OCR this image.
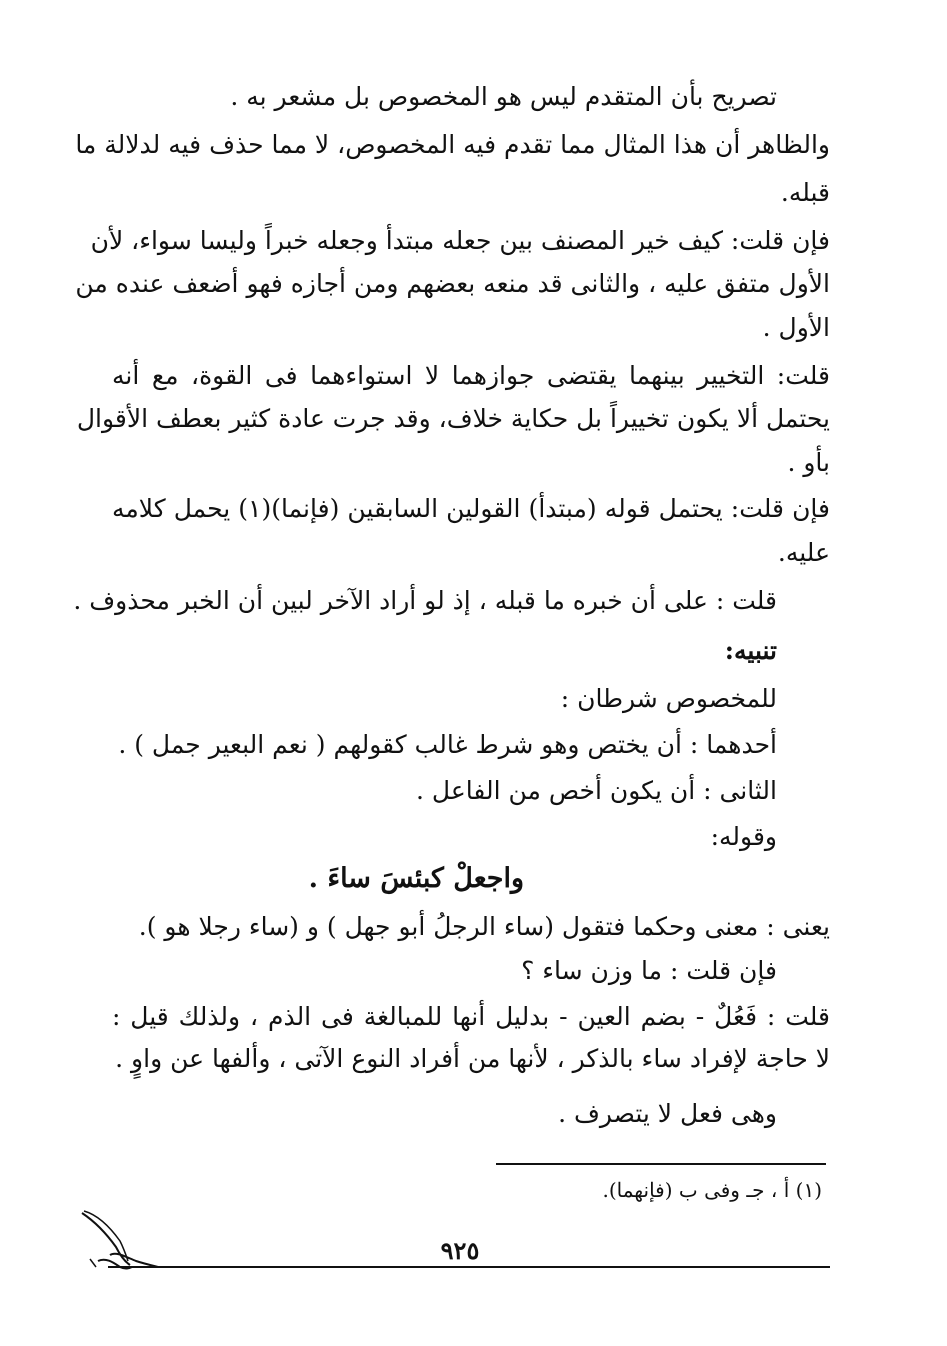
تصريح بأن المتقدم ليس هو المخصوص بل مشعر به .
والظاهر أن هذا المثال مما تقدم فيه المخصوص، لا مما حذف فيه لدلالة ما
قبله.
فإن قلت: كيف خير المصنف بين جعله مبتدأ وجعله خبراً وليسا سواء، لأن
الأول متفق عليه ، والثانى قد منعه بعضهم ومن أجازه فهو أضعف عنده من
الأول .
قلت: التخيير بينهما يقتضى جوازهما لا استواءهما فى القوة، مع أنه
يحتمل ألا يكون تخييراً بل حكاية خلاف، وقد جرت عادة كثير بعطف الأقوال
بأو .
فإن قلت: يحتمل قوله (مبتدأ) القولين السابقين (فإنما)(١) يحمل كلامه
عليه.
قلت : على أن خبره ما قبله ، إذ لو أراد الآخر لبين أن الخبر محذوف .
تنبيه:
للمخصوص شرطان :
أحدهما : أن يختص وهو شرط غالب كقولهم ( نعم البعير جمل ) .
الثانى : أن يكون أخص من الفاعل .
وقوله:
واجعلْ كبئسَ ساءَ .
يعنى : معنى وحكما فتقول (ساء الرجلُ أبو جهل ) و (ساء رجلا هو ).
فإن قلت : ما وزن ساء ؟
قلت : فَعُلٌ - بضم العين - بدليل أنها للمبالغة فى الذم ، ولذلك قيل :
لا حاجة لإفراد ساء بالذكر ، لأنها من أفراد النوع الآتى ، وألفها عن واوٍ .
وهى فعل لا يتصرف .
(١) أ ، جـ وفى ب (فإنهما).
٩٢٥
